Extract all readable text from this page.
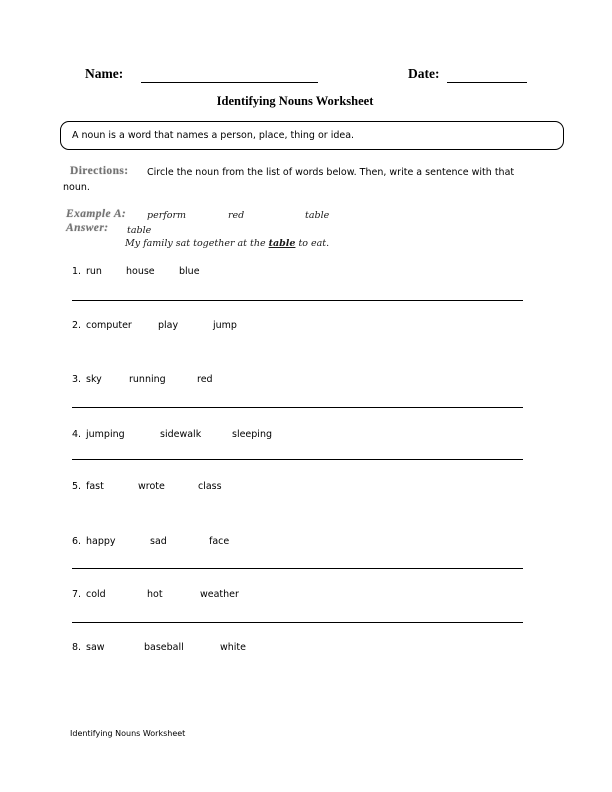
Name:	Date:
Identifying Nouns Worksheet
A noun is a word that names a person, place, thing or idea.
Directions: Circle the noun from the list of words below. Then, write a sentence with that
noun.
Example A: perform	red	table
Answer: table
My family sat together at the table to eat.
1. run	house	blue
2. computer	play	jump
3. sky	running	red
4. jumping	sidewalk	sleeping
5. fast	wrote	class
6. happy	sad	face
7. cold	hot	weather
8. saw	baseball	white
Identifying Nouns Worksheet
